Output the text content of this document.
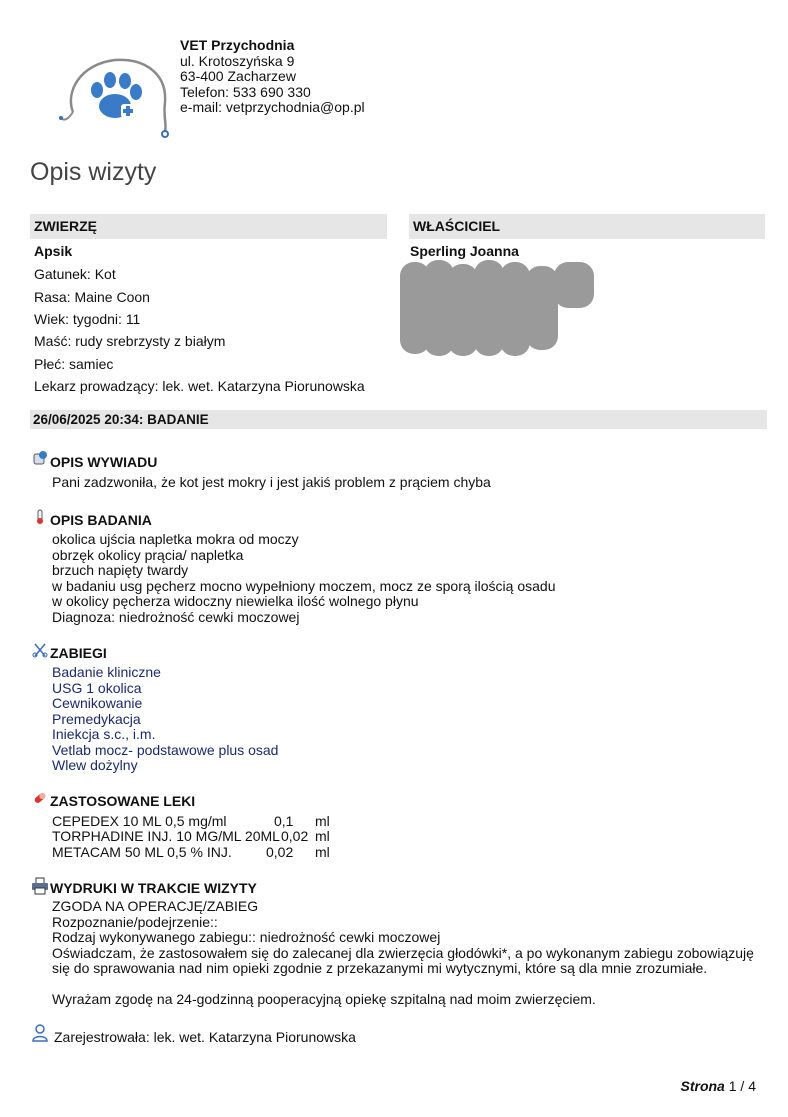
VET Przychodnia
ul. Krotoszyńska 9
63-400 Zacharzew
Telefon: 533 690 330
e-mail: vetprzychodnia@op.pl
Opis wizyty
ZWIERZĘ	WŁAŚCICIEL
Apsik
Gatunek: Kot
Rasa: Maine Coon
Wiek: tygodni: 11
Maść: rudy srebrzysty z białym
Płeć: samiec
Lekarz prowadzący: lek. wet. Katarzyna Piorunowska
Sperling Joanna
26/06/2025 20:34: BADANIE
OPIS WYWIADU
Pani zadzwoniła, że kot jest mokry i jest jakiś problem z prąciem chyba
OPIS BADANIA
okolica ujścia napletka mokra od moczy
obrzęk okolicy prącia/ napletka
brzuch napięty twardy
w badaniu usg pęcherz mocno wypełniony moczem, mocz ze sporą ilością osadu
w okolicy pęcherza widoczny niewielka ilość wolnego płynu
Diagnoza: niedrożność cewki moczowej
ZABIEGI
Badanie kliniczne
USG 1 okolica
Cewnikowanie
Premedykacja
Iniekcja s.c., i.m.
Vetlab mocz- podstawowe plus osad
Wlew dożylny
ZASTOSOWANE LEKI
CEPEDEX 10 ML 0,5 mg/ml	0,1 ml
TORPHADINE INJ. 10 MG/ML 20ML 0,02 ml
METACAM 50 ML 0,5 % INJ. 0,02 ml
WYDRUKI W TRAKCIE WIZYTY
ZGODA NA OPERACJĘ/ZABIEG
Rozpoznanie/podejrzenie::
Rodzaj wykonywanego zabiegu:: niedrożność cewki moczowej
Oświadczam, że zastosowałem się do zalecanej dla zwierzęcia głodówki*, a po wykonanym zabiegu zobowiązuję
się do sprawowania nad nim opieki zgodnie z przekazanymi mi wytycznymi, które są dla mnie zrozumiałe.
Wyrażam zgodę na 24-godzinną pooperacyjną opiekę szpitalną nad moim zwierzęciem.
Zarejestrowała: lek. wet. Katarzyna Piorunowska
Strona 1 / 4
